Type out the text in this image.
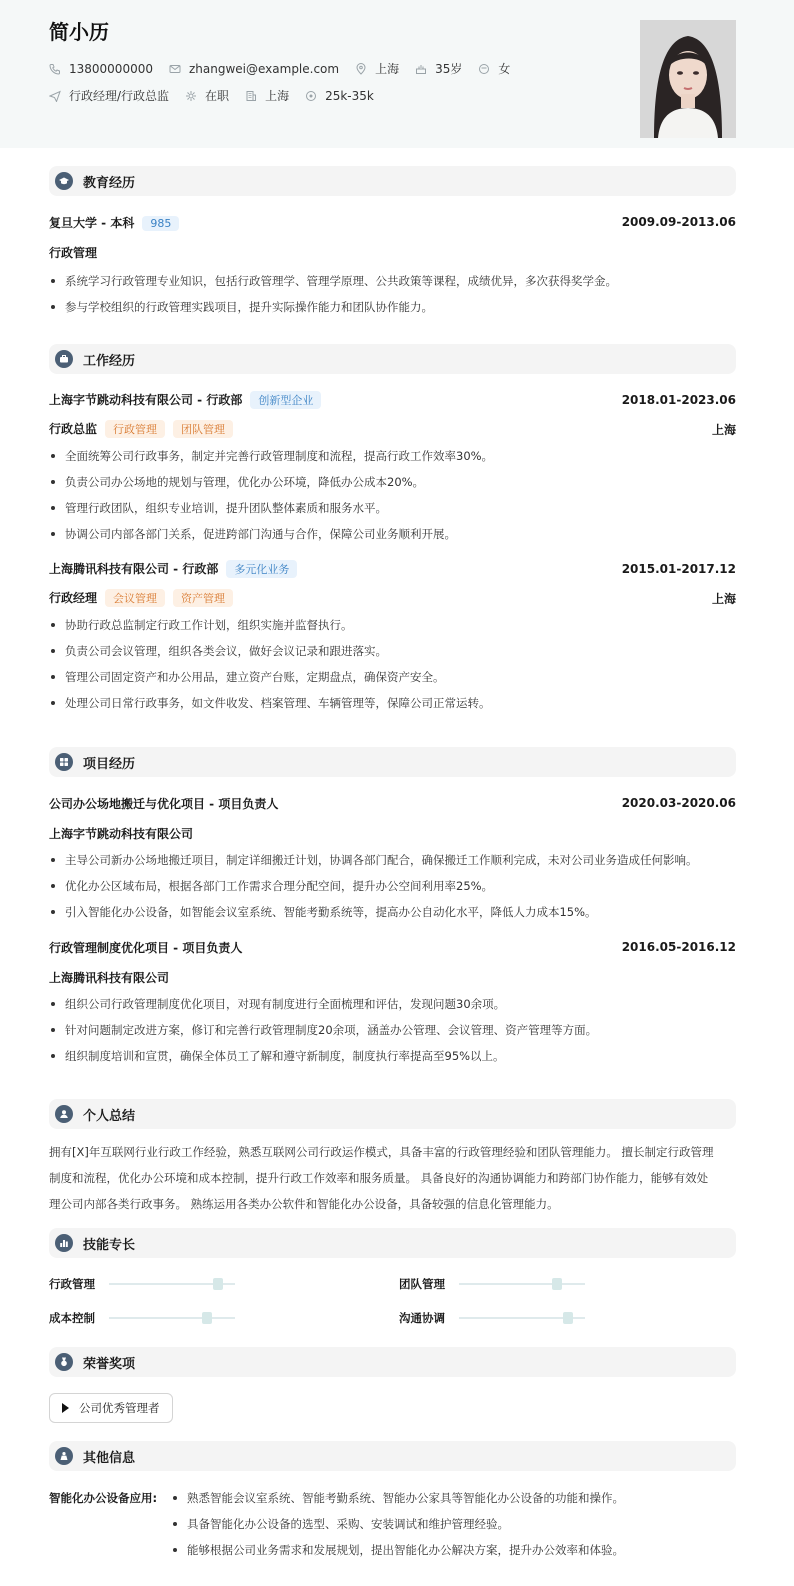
简小历
13800000000	zhangwei@example.com	上海	35岁	女
行政经理/行政总监	在职	上海	25k-35k
教育经历
复旦大学 - 本科 985	2009.09-2013.06
行政管理
系统学习行政管理专业知识，包括行政管理学、管理学原理、公共政策等课程，成绩优异，多次获得奖学金。
参与学校组织的行政管理实践项目，提升实际操作能力和团队协作能力。
工作经历
上海字节跳动科技有限公司 - 行政部 创新型企业	2018.01-2023.06
行政总监 行政管理 团队管理	上海
全面统筹公司行政事务，制定并完善行政管理制度和流程，提高行政工作效率30%。
负责公司办公场地的规划与管理，优化办公环境，降低办公成本20%。
管理行政团队，组织专业培训，提升团队整体素质和服务水平。
协调公司内部各部门关系，促进跨部门沟通与合作，保障公司业务顺利开展。
上海腾讯科技有限公司 - 行政部 多元化业务	2015.01-2017.12
行政经理 会议管理 资产管理	上海
协助行政总监制定行政工作计划，组织实施并监督执行。
负责公司会议管理，组织各类会议，做好会议记录和跟进落实。
管理公司固定资产和办公用品，建立资产台账，定期盘点，确保资产安全。
处理公司日常行政事务，如文件收发、档案管理、车辆管理等，保障公司正常运转。
项目经历
公司办公场地搬迁与优化项目 - 项目负责人	2020.03-2020.06
上海字节跳动科技有限公司
主导公司新办公场地搬迁项目，制定详细搬迁计划，协调各部门配合，确保搬迁工作顺利完成，未对公司业务造成任何影响。
优化办公区域布局，根据各部门工作需求合理分配空间，提升办公空间利用率25%。
引入智能化办公设备，如智能会议室系统、智能考勤系统等，提高办公自动化水平，降低人力成本15%。
行政管理制度优化项目 - 项目负责人	2016.05-2016.12
上海腾讯科技有限公司
组织公司行政管理制度优化项目，对现有制度进行全面梳理和评估，发现问题30余项。
针对问题制定改进方案，修订和完善行政管理制度20余项，涵盖办公管理、会议管理、资产管理等方面。
组织制度培训和宣贯，确保全体员工了解和遵守新制度，制度执行率提高至95%以上。
个人总结
拥有[X]年互联网行业行政工作经验，熟悉互联网公司行政运作模式，具备丰富的行政管理经验和团队管理能力。 擅长制定行政管理
制度和流程，优化办公环境和成本控制，提升行政工作效率和服务质量。 具备良好的沟通协调能力和跨部门协作能力，能够有效处
理公司内部各类行政事务。 熟练运用各类办公软件和智能化办公设备，具备较强的信息化管理能力。
技能专长
行政管理	团队管理
成本控制	沟通协调
荣誉奖项
公司优秀管理者
其他信息
智能化办公设备应用:	熟悉智能会议室系统、智能考勤系统、智能办公家具等智能化办公设备的功能和操作。
具备智能化办公设备的选型、采购、安装调试和维护管理经验。
能够根据公司业务需求和发展规划，提出智能化办公解决方案，提升办公效率和体验。
